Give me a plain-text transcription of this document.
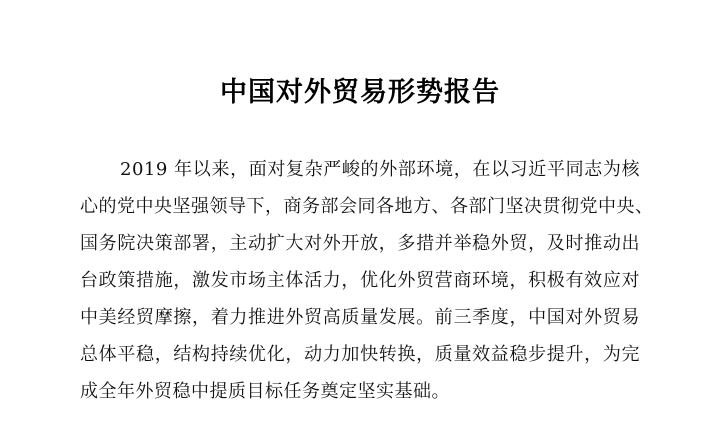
中国对外贸易形势报告
2019 年以来，面对复杂严峻的外部环境，在以习近平同志为核
心的党中央坚强领导下，商务部会同各地方、各部门坚决贯彻党中央、
国务院决策部署，主动扩大对外开放，多措并举稳外贸，及时推动出
台政策措施，激发市场主体活力，优化外贸营商环境，积极有效应对
中美经贸摩擦，着力推进外贸高质量发展。前三季度，中国对外贸易
总体平稳，结构持续优化，动力加快转换，质量效益稳步提升，为完
成全年外贸稳中提质目标任务奠定坚实基础。
